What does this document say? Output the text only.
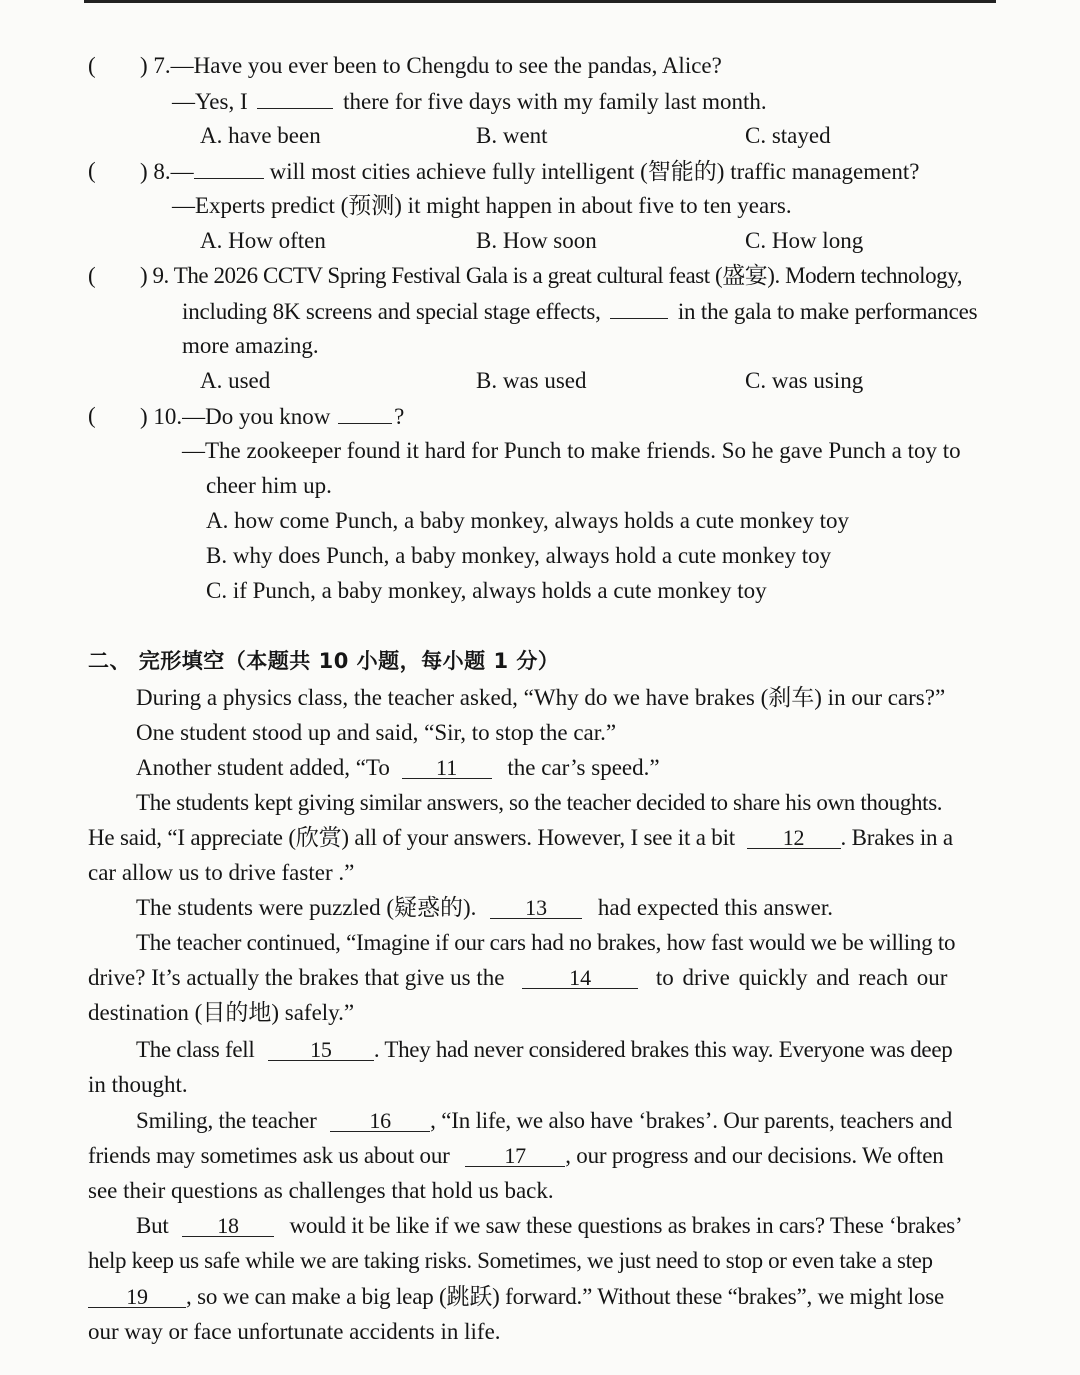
( ) 7.—Have you ever been to Chengdu to see the pandas, Alice?
—Yes, I	there for five days with my family last month.
A. have been	B. went	C. stayed
( ) 8.—	will most cities achieve fully intelligent (智能的) traffic management?
—Experts predict (预测) it might happen in about five to ten years.
A. How often	B. How soon	C. How long
( ) 9. The 2026 CCTV Spring Festival Gala is a great cultural feast (盛宴). Modern technology,
including 8K screens and special stage effects,	in the gala to make performances
more amazing.
A. used	B. was used	C. was using
( ) 10.—Do you know	?
—The zookeeper found it hard for Punch to make friends. So he gave Punch a toy to
cheer him up.
A. how come Punch, a baby monkey, always holds a cute monkey toy
B. why does Punch, a baby monkey, always hold a cute monkey toy
C. if Punch, a baby monkey, always holds a cute monkey toy
二、 完形填空（本题共 10 小题，每小题 1 分）
During a physics class, the teacher asked, “Why do we have brakes (刹车) in our cars?”
One student stood up and said, “Sir, to stop the car.”
Another student added, “To 11 the car’s speed.”
The students kept giving similar answers, so the teacher decided to share his own thoughts.
He said, “I appreciate (欣赏) all of your answers. However, I see it a bit 12 . Brakes in a
car allow us to drive faster .”
The students were puzzled (疑惑的). 13 had expected this answer.
The teacher continued, “Imagine if our cars had no brakes, how fast would we be willing to
drive? It’s actually the brakes that give us the	14	to drive quickly and reach our
destination (目的地) safely.”
The class fell	15 . They had never considered brakes this way. Everyone was deep
in thought.
Smiling, the teacher 16 , “In life, we also have ‘brakes’. Our parents, teachers and
friends may sometimes ask us about our 17 , our progress and our decisions. We often
see their questions as challenges that hold us back.
But 18 would it be like if we saw these questions as brakes in cars? These ‘brakes’
help keep us safe while we are taking risks. Sometimes, we just need to stop or even take a step
19 , so we can make a big leap (跳跃) forward.” Without these “brakes”, we might lose
our way or face unfortunate accidents in life.
